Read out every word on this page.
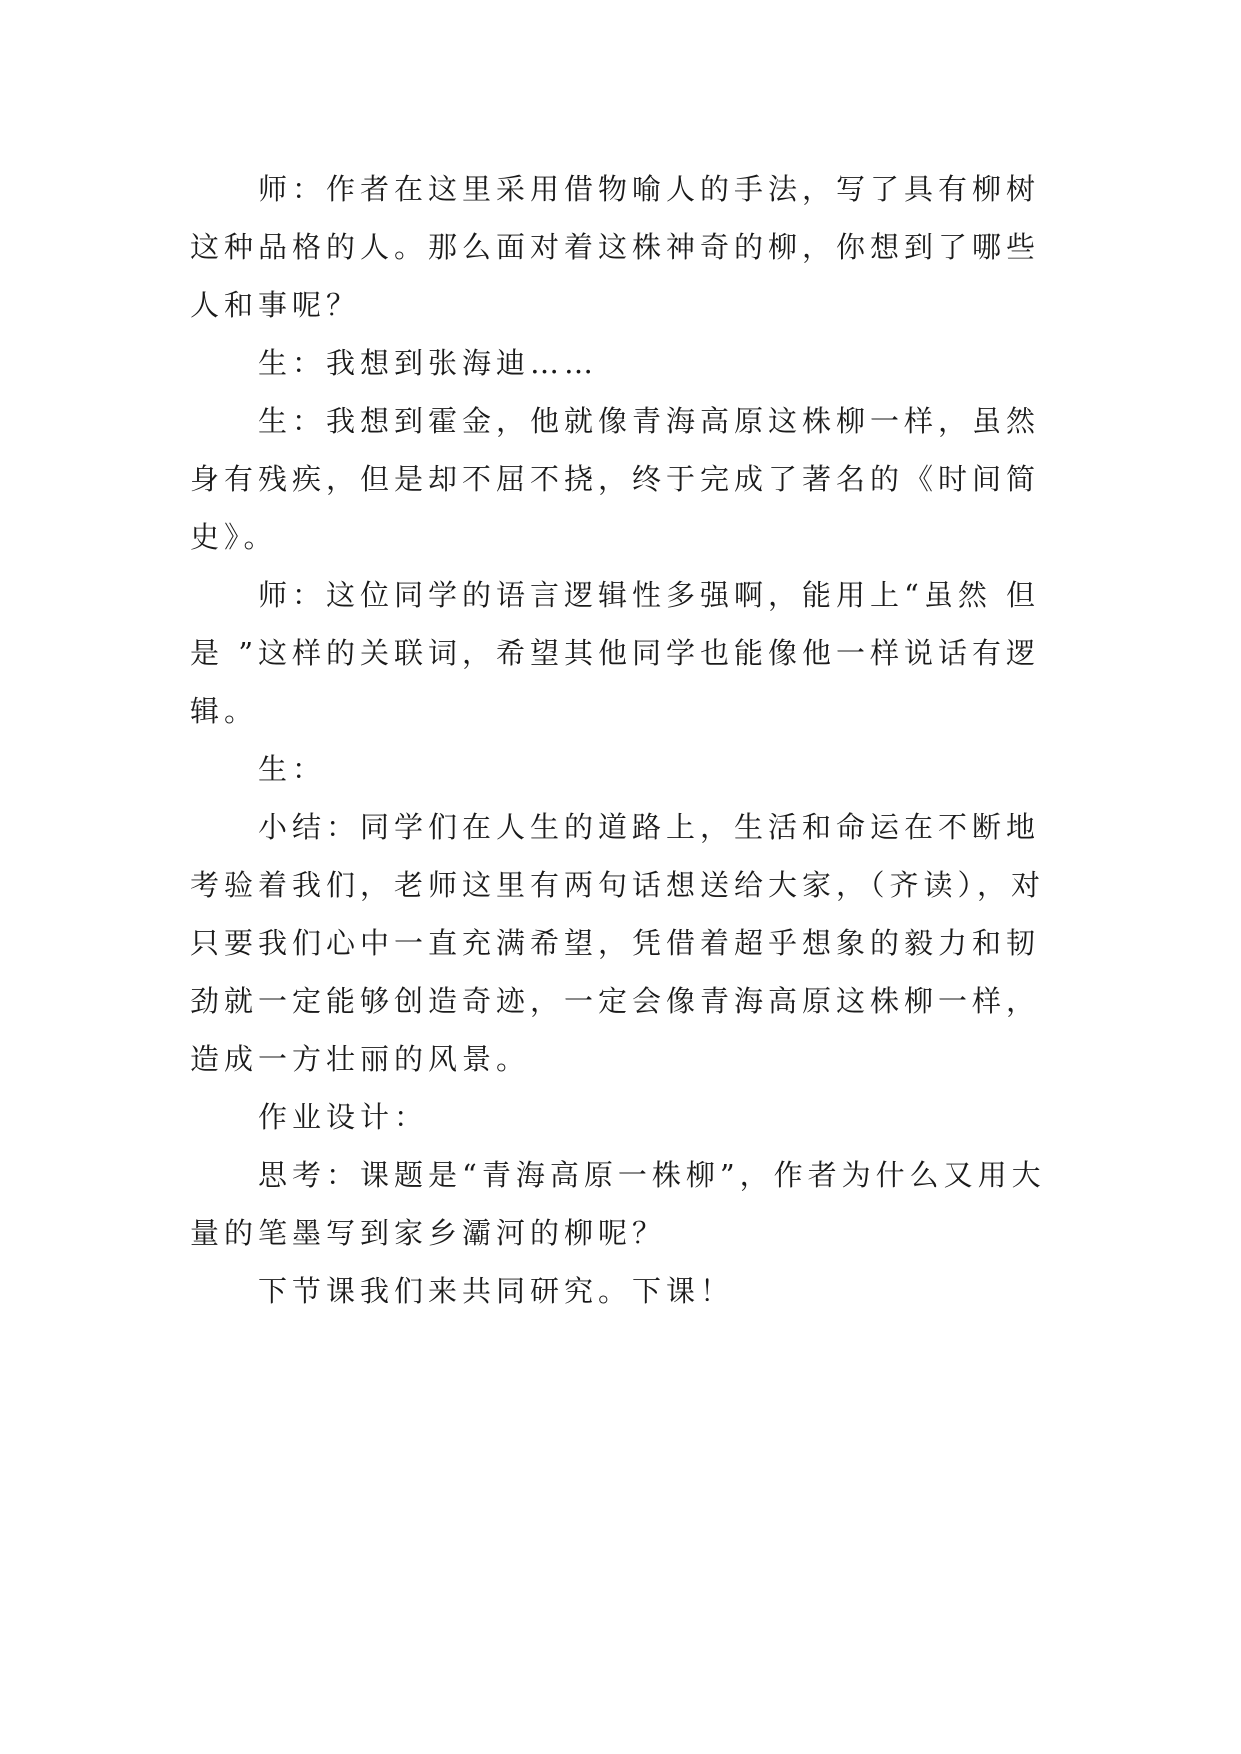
师：作者在这里采用借物喻人的手法，写了具有柳树这种品格的人。那么面对着这株神奇的柳，你想到了哪些人和事呢？

生：我想到张海迪……

生：我想到霍金，他就像青海高原这株柳一样，虽然身有残疾，但是却不屈不挠，终于完成了著名的《时间简史》。

师：这位同学的语言逻辑性多强啊，能用上“虽然 但是 ”这样的关联词，希望其他同学也能像他一样说话有逻辑。

生：

小结：同学们在人生的道路上，生活和命运在不断地考验着我们，老师这里有两句话想送给大家，（齐读），对只要我们心中一直充满希望，凭借着超乎想象的毅力和韧劲就一定能够创造奇迹，一定会像青海高原这株柳一样，造成一方壮丽的风景。

作业设计：

思考：课题是“青海高原一株柳”，作者为什么又用大量的笔墨写到家乡灞河的柳呢？

下节课我们来共同研究。下课！
